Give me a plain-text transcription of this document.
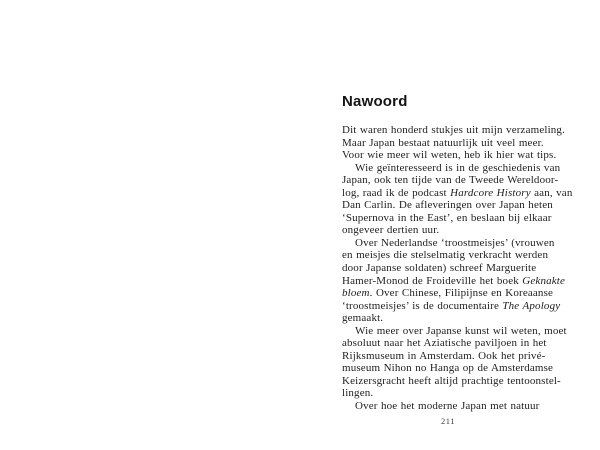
Nawoord
Dit waren honderd stukjes uit mijn verzameling.
Maar Japan bestaat natuurlijk uit veel meer.
Voor wie meer wil weten, heb ik hier wat tips.
Wie geïnteresseerd is in de geschiedenis van
Japan, ook ten tijde van de Tweede Wereldoor-
log, raad ik de podcast Hardcore History aan, van
Dan Carlin. De afleveringen over Japan heten
‘Supernova in the East’, en beslaan bij elkaar
ongeveer dertien uur.
Over Nederlandse ‘troostmeisjes’ (vrouwen
en meisjes die stelselmatig verkracht werden
door Japanse soldaten) schreef Marguerite
Hamer-Monod de Froideville het boek Geknakte
bloem. Over Chinese, Filipijnse en Koreaanse
‘troostmeisjes’ is de documentaire The Apology
gemaakt.
Wie meer over Japanse kunst wil weten, moet
absoluut naar het Aziatische paviljoen in het
Rijksmuseum in Amsterdam. Ook het privé-
museum Nihon no Hanga op de Amsterdamse
Keizersgracht heeft altijd prachtige tentoonstel-
lingen.
Over hoe het moderne Japan met natuur
211
